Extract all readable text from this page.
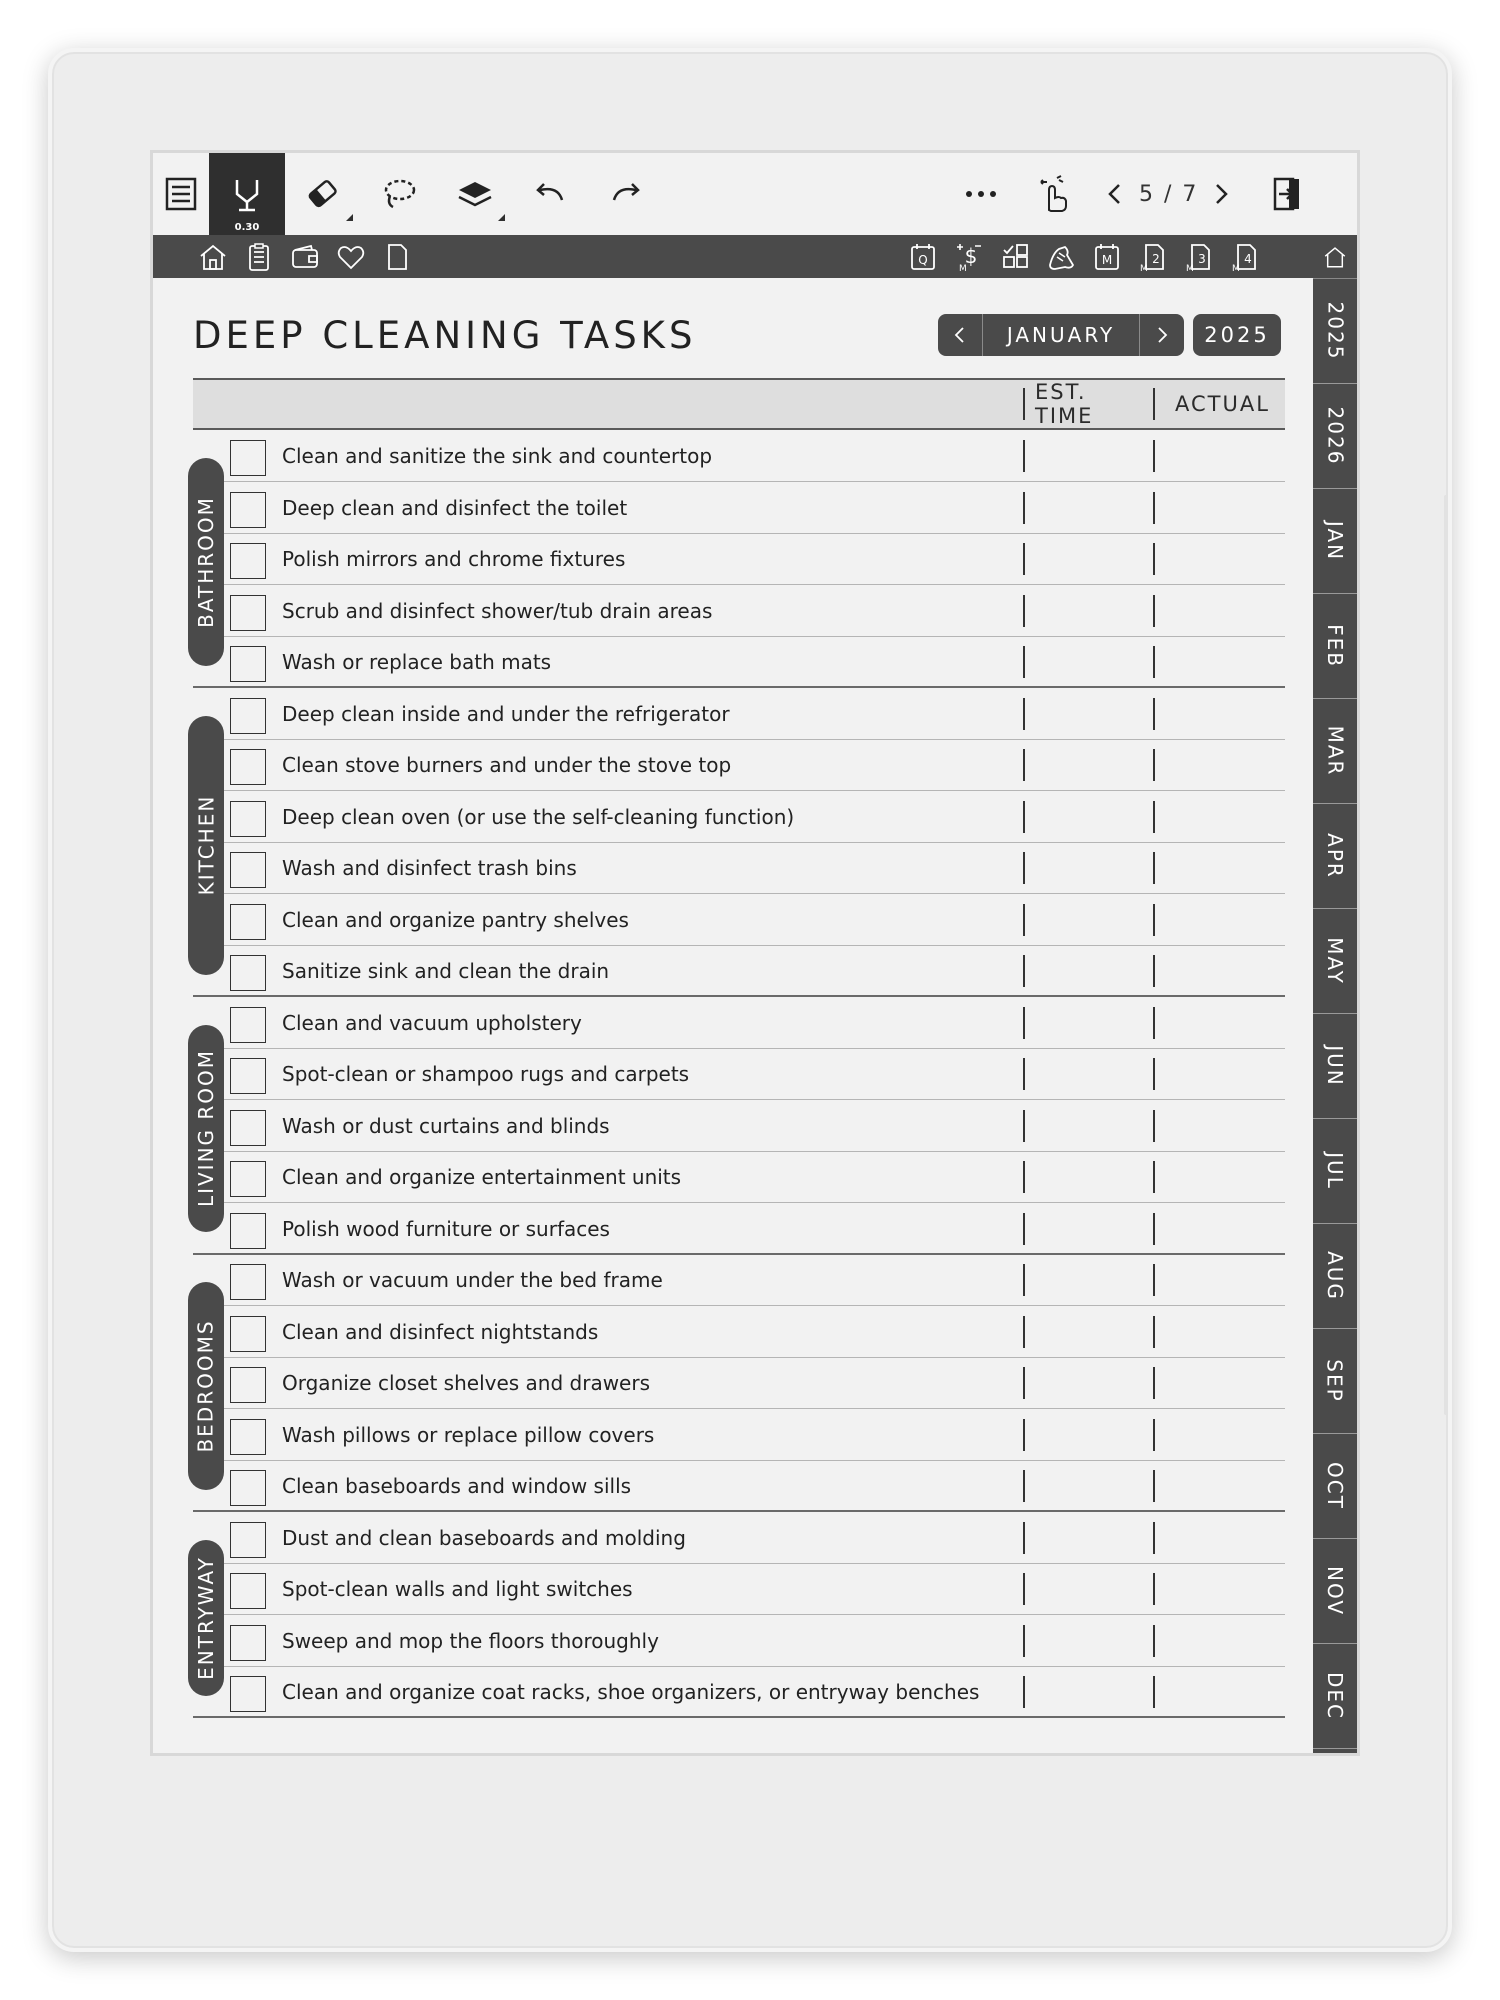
0.30
5 / 7
Q $
M
M	2
M
3
M
4
M
2025
2026
JAN
FEB
MAR
APR
MAY
JUN
JUL
AUG
SEP
OCT
NOV
DEC
DEEP CLEANING TASKS	JANUARY	2025
EST. TIME	ACTUAL
Clean and sanitize the sink and countertop
Deep clean and disinfect the toilet
Polish mirrors and chrome fixtures
Scrub and disinfect shower/tub drain areas
Wash or replace bath mats
BATHROOM
Deep clean inside and under the refrigerator
Clean stove burners and under the stove top
Deep clean oven (or use the self-cleaning function)
Wash and disinfect trash bins
Clean and organize pantry shelves
Sanitize sink and clean the drain
KITCHEN
Clean and vacuum upholstery
Spot-clean or shampoo rugs and carpets
Wash or dust curtains and blinds
Clean and organize entertainment units
Polish wood furniture or surfaces
LIVING ROOM
Wash or vacuum under the bed frame
Clean and disinfect nightstands
Organize closet shelves and drawers
Wash pillows or replace pillow covers
Clean baseboards and window sills
BEDROOMS
Dust and clean baseboards and molding
Spot-clean walls and light switches
Sweep and mop the floors thoroughly
Clean and organize coat racks, shoe organizers, or entryway benches
ENTRYWAY
